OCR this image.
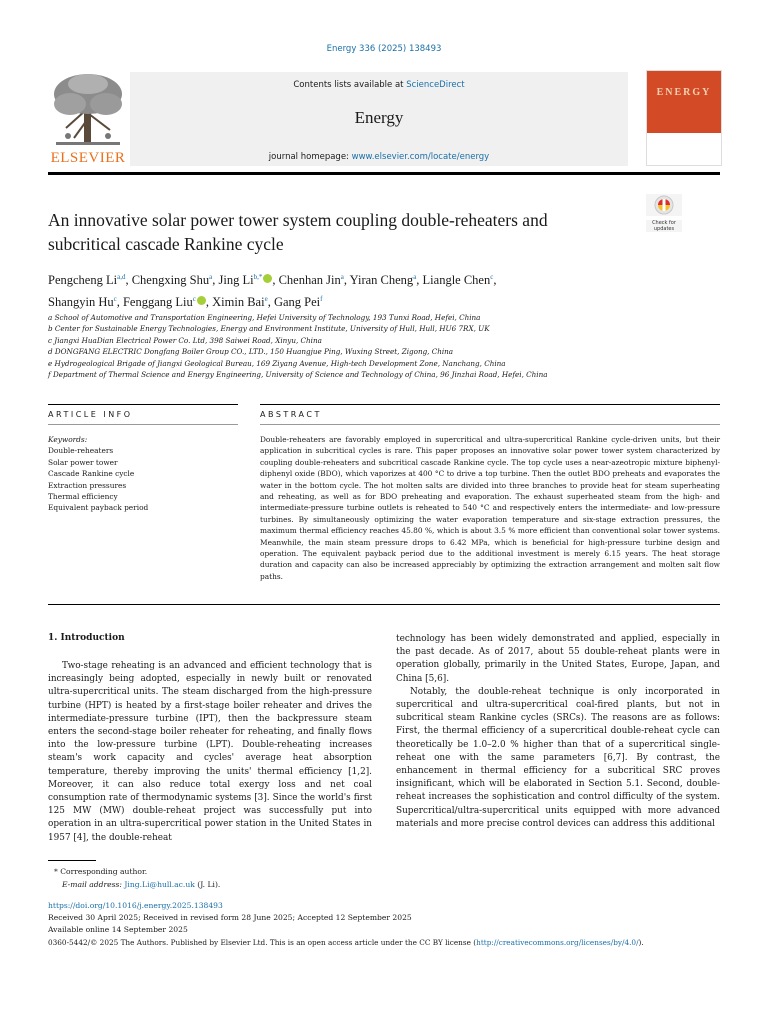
Energy 336 (2025) 138493
ELSEVIER
Contents lists available at ScienceDirect
Energy
journal homepage: www.elsevier.com/locate/energy
ENERGY
An innovative solar power tower system coupling double-reheaters and
subcritical cascade Rankine cycle
Check for
updates
Pengcheng Li$^{a,d}$, Chengxing Shu$^a$, Jing $Li^{b,*}$ , Chenhan Jin$^a$, Yiran Cheng$^a$, Liangle Chen$^c$,
Shangyin Hu$^c$, Fenggang Liu$^c$ , Ximin Bai$^e$, Gang Pei$^f$
a School of Automotive and Transportation Engineering, Hefei University of Technology, 193 Tunxi Road, Hefei, China
b Center for Sustainable Energy Technologies, Energy and Environment Institute, University of Hull, Hull, HU6 7RX, UK
c Jiangxi HuaDian Electrical Power Co. Ltd, 398 Saiwei Road, Xinyu, China
d DONGFANG ELECTRIC Dongfang Boiler Group CO., LTD., 150 Huangjue Ping, Wuxing Street, Zigong, China
e Hydrogeological Brigade of Jiangxi Geological Bureau, 169 Ziyang Avenue, High-tech Development Zone, Nanchang, China
f Department of Thermal Science and Energy Engineering, University of Science and Technology of China, 96 Jinzhai Road, Hefei, China
ARTICLE INFO	ABSTRACT
Keywords:
Double-reheaters
Solar power tower
Cascade Rankine cycle
Extraction pressures
Thermal efficiency
Equivalent payback period
Double-reheaters are favorably employed in supercritical and ultra-supercritical Rankine cycle-driven units, but their application in subcritical cycles is rare. This paper proposes an innovative solar power tower system characterized by coupling double-reheaters and subcritical cascade Rankine cycle. The top cycle uses a near-azeotropic mixture biphenyl-diphenyl oxide (BDO), which vaporizes at 400 °C to drive a top turbine. Then the outlet BDO preheats and evaporates the water in the bottom cycle. The hot molten salts are divided into three branches to provide heat for steam superheating and reheating, as well as for BDO preheating and evaporation. The exhaust superheated steam from the high- and intermediate-pressure turbine outlets is reheated to 540 °C and respectively enters the intermediate- and low-pressure turbines. By simultaneously optimizing the water evaporation temperature and six-stage extraction pressures, the maximum thermal efficiency reaches 45.80 %, which is about 3.5 % more efficient than conventional solar tower systems. Meanwhile, the main steam pressure drops to 6.42 MPa, which is beneficial for high-pressure turbine design and operation. The equivalent payback period due to the additional investment is merely 6.15 years. The heat storage duration and capacity can also be increased appreciably by optimizing the extraction arrangement and molten salt flow paths.
1. Introduction

Two-stage reheating is an advanced and efficient technology that is increasingly being adopted, especially in newly built or renovated ultra-supercritical units. The steam discharged from the high-pressure turbine (HPT) is heated by a first-stage boiler reheater and drives the intermediate-pressure turbine (IPT), then the backpressure steam enters the second-stage boiler reheater for reheating, and finally flows into the low-pressure turbine (LPT). Double-reheating increases steam's work capacity and cycles' average heat absorption temperature, thereby improving the units' thermal efficiency [1,2]. Moreover, it can also reduce total exergy loss and net coal consumption rate of thermodynamic systems [3]. Since the world's first 125 MW (MW) double-reheat project was successfully put into operation in an ultra-supercritical power station in the United States in 1957 [4], the double-reheat

technology has been widely demonstrated and applied, especially in the past decade. As of 2017, about 55 double-reheat plants were in operation globally, primarily in the United States, Europe, Japan, and China [5,6].

Notably, the double-reheat technique is only incorporated in supercritical and ultra-supercritical coal-fired plants, but not in subcritical steam Rankine cycles (SRCs). The reasons are as follows: First, the thermal efficiency of a supercritical double-reheat cycle can theoretically be 1.0–2.0 % higher than that of a supercritical single-reheat one with the same parameters [6,7]. By contrast, the enhancement in thermal efficiency for a subcritical SRC proves insignificant, which will be elaborated in Section 5.1. Second, double-reheat increases the sophistication and control difficulty of the system. Supercritical/ultra-supercritical units equipped with more advanced materials and more precise control devices can address this additional

* Corresponding author.
E-mail address: Jing.Li@hull.ac.uk (J. Li).
https://doi.org/10.1016/j.energy.2025.138493
Received 30 April 2025; Received in revised form 28 June 2025; Accepted 12 September 2025
Available online 14 September 2025
0360-5442/© 2025 The Authors. Published by Elsevier Ltd. This is an open access article under the CC BY license (http://creativecommons.org/licenses/by/4.0/).
